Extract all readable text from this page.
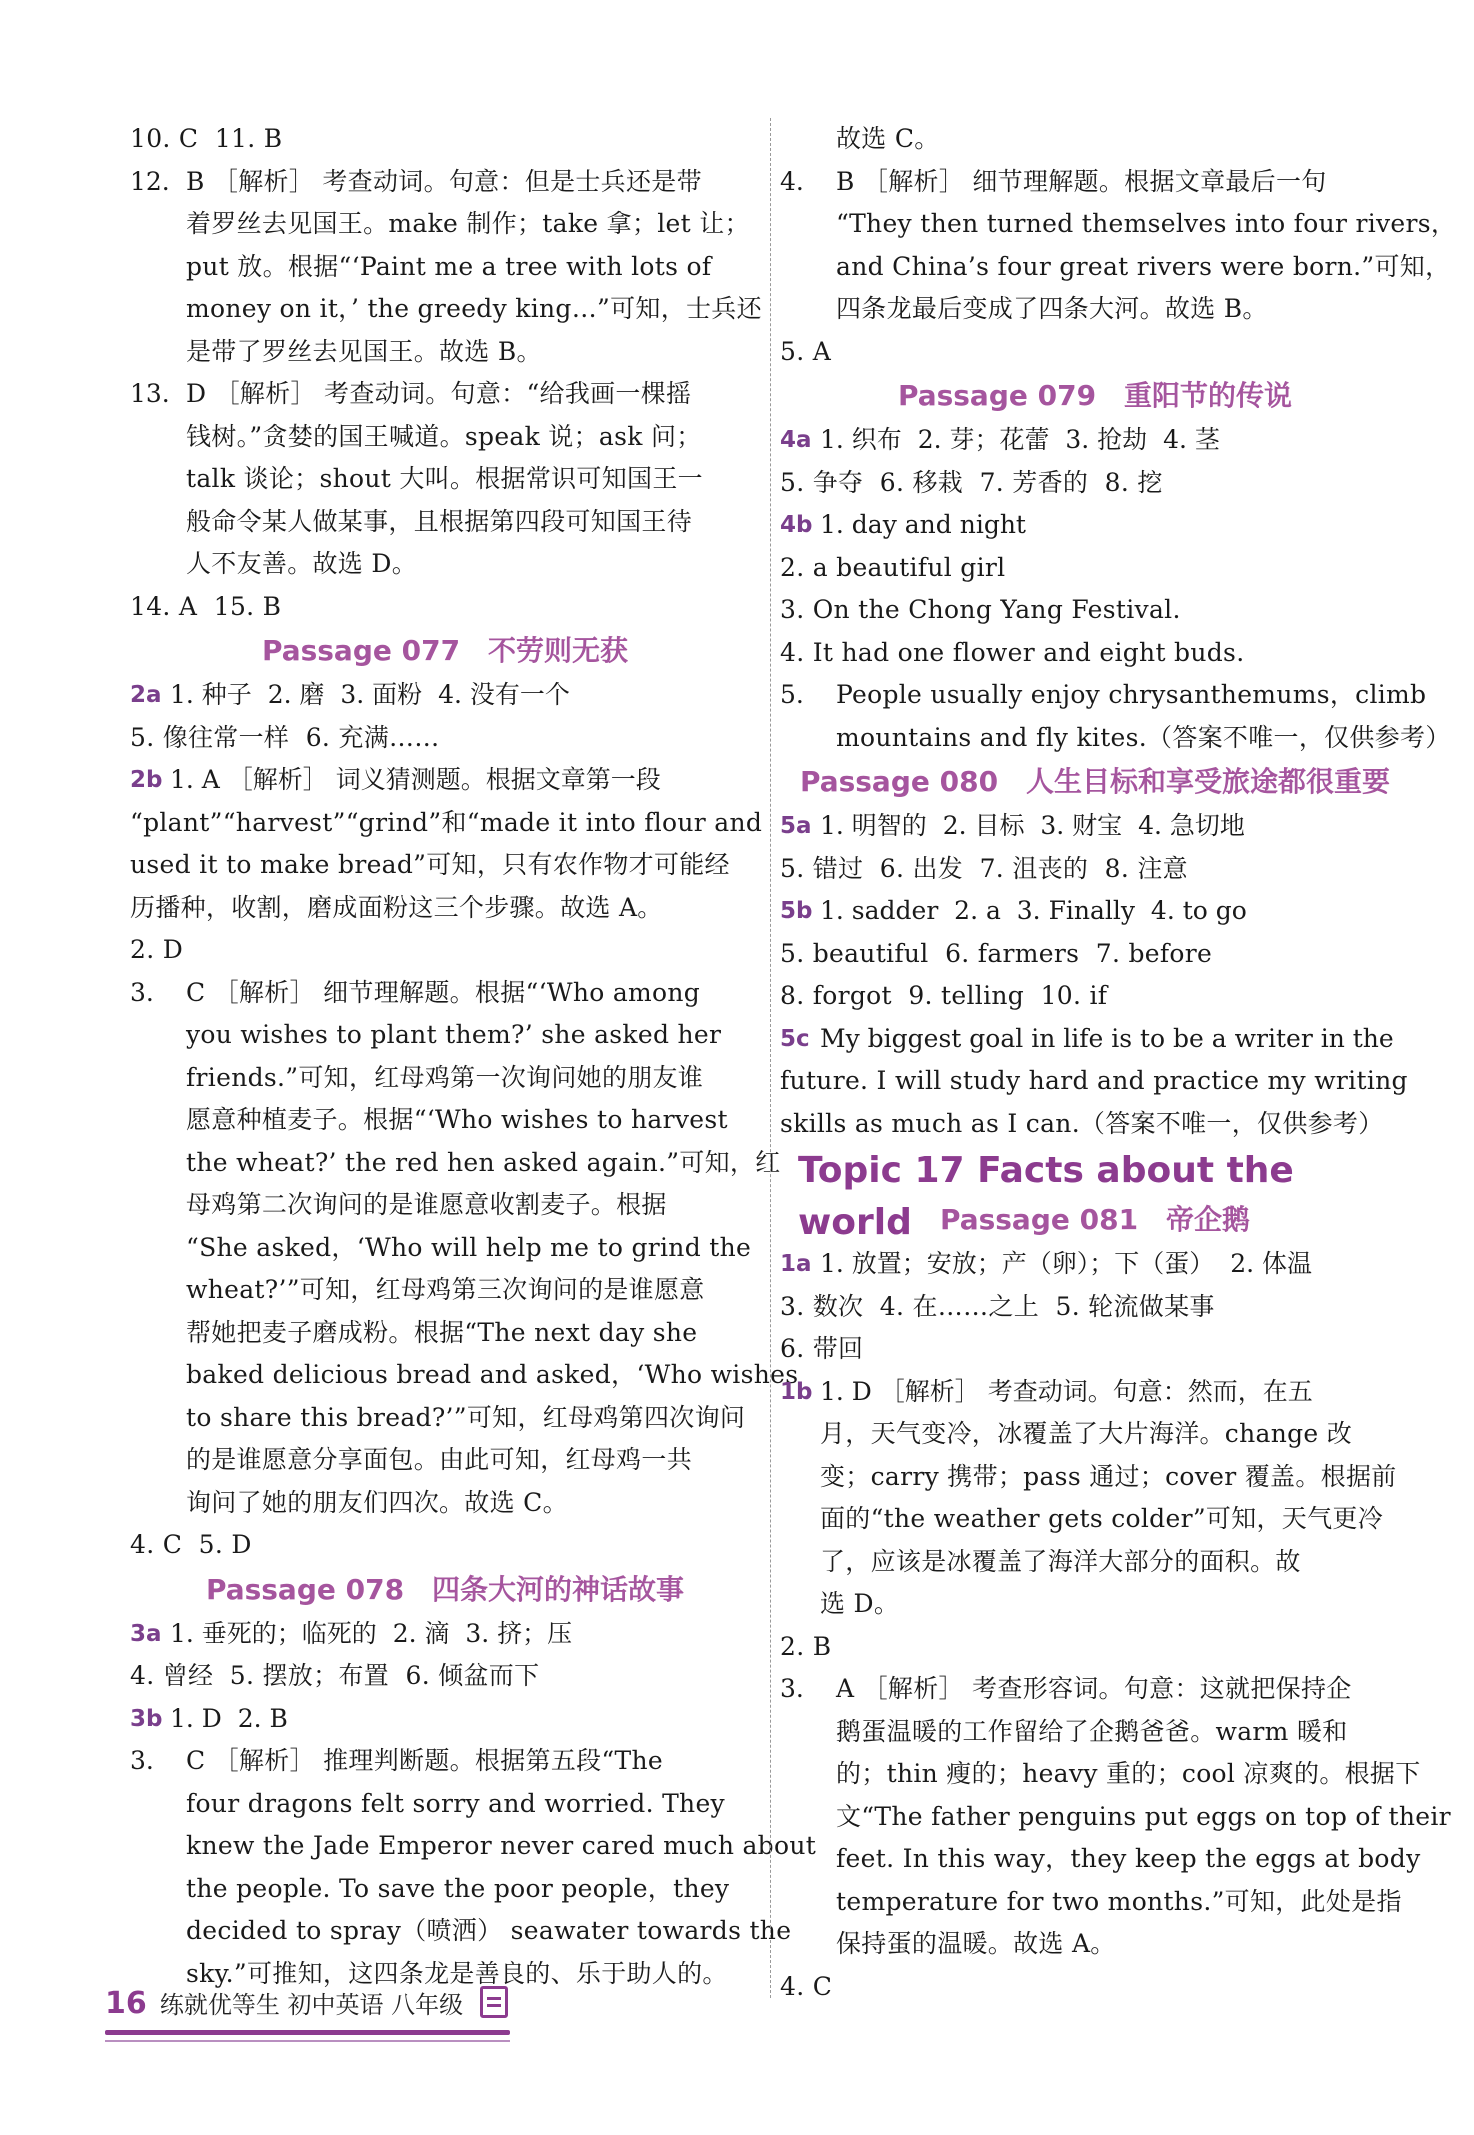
10. C  11. B
12. B ［解析］ 考查动词。句意：但是士兵还是带
着罗丝去见国王。make 制作；take 拿；let 让；
put 放。根据“‘Paint me a tree with lots of
money on it，’ the greedy king…”可知，士兵还
是带了罗丝去见国王。故选 B。
13. D ［解析］ 考查动词。句意：“给我画一棵摇
钱树。”贪婪的国王喊道。speak 说；ask 问；
talk 谈论；shout 大叫。根据常识可知国王一
般命令某人做某事，且根据第四段可知国王待
人不友善。故选 D。
14. A  15. B
Passage 077　不劳则无获
2a 1. 种子  2. 磨  3. 面粉  4. 没有一个
5. 像往常一样  6. 充满……
2b 1. A ［解析］ 词义猜测题。根据文章第一段
“plant”“harvest”“grind”和“made it into flour and
used it to make bread”可知，只有农作物才可能经
历播种，收割，磨成面粉这三个步骤。故选 A。
2. D
3.	C ［解析］ 细节理解题。根据“‘Who among
you wishes to plant them?’ she asked her
friends.”可知，红母鸡第一次询问她的朋友谁
愿意种植麦子。根据“‘Who wishes to harvest
the wheat?’ the red hen asked again.”可知，红
母鸡第二次询问的是谁愿意收割麦子。根据
“She asked，‘Who will help me to grind the
wheat?’”可知，红母鸡第三次询问的是谁愿意
帮她把麦子磨成粉。根据“The next day she
baked delicious bread and asked，‘Who wishes
to share this bread?’”可知，红母鸡第四次询问
的是谁愿意分享面包。由此可知，红母鸡一共
询问了她的朋友们四次。故选 C。
4. C  5. D
Passage 078　四条大河的神话故事
3a 1. 垂死的；临死的  2. 滴  3. 挤；压
4. 曾经  5. 摆放；布置  6. 倾盆而下
3b 1. D  2. B
3.	C ［解析］ 推理判断题。根据第五段“The
four dragons felt sorry and worried. They
knew the Jade Emperor never cared much about
the people. To save the poor people，they
decided to spray（喷洒） seawater towards the
sky.”可推知，这四条龙是善良的、乐于助人的。
故选 C。
4.	B ［解析］ 细节理解题。根据文章最后一句
“They then turned themselves into four rivers，
and China’s four great rivers were born.”可知，
四条龙最后变成了四条大河。故选 B。
5. A
Passage 079　重阳节的传说
4a 1. 织布  2. 芽；花蕾  3. 抢劫  4. 茎
5. 争夺  6. 移栽  7. 芳香的  8. 挖
4b 1. day and night
2. a beautiful girl
3. On the Chong Yang Festival.
4. It had one flower and eight buds.
5.	People usually enjoy chrysanthemums，climb
mountains and fly kites.（答案不唯一，仅供参考）
Passage 080　人生目标和享受旅途都很重要
5a 1. 明智的  2. 目标  3. 财宝  4. 急切地
5. 错过  6. 出发  7. 沮丧的  8. 注意
5b 1. sadder  2. a  3. Finally  4. to go
5. beautiful  6. farmers  7. before
8. forgot  9. telling  10. if
5c My biggest goal in life is to be a writer in the
future. I will study hard and practice my writing
skills as much as I can.（答案不唯一，仅供参考）
Topic 17 Facts about the world	Passage 081　帝企鹅
1a 1. 放置；安放；产（卵）；下（蛋）  2. 体温
3. 数次  4. 在……之上  5. 轮流做某事
6. 带回
1b 1. D ［解析］ 考查动词。句意：然而，在五
月，天气变冷，冰覆盖了大片海洋。change 改
变；carry 携带；pass 通过；cover 覆盖。根据前
面的“the weather gets colder”可知，天气更冷
了，应该是冰覆盖了海洋大部分的面积。故
选 D。
2. B
3.	A ［解析］ 考查形容词。句意：这就把保持企
鹅蛋温暖的工作留给了企鹅爸爸。warm 暖和
的；thin 瘦的；heavy 重的；cool 凉爽的。根据下
文“The father penguins put eggs on top of their
feet. In this way，they keep the eggs at body
temperature for two months.”可知，此处是指
保持蛋的温暖。故选 A。
4. C
16 练就优等生 初中英语 八年级
